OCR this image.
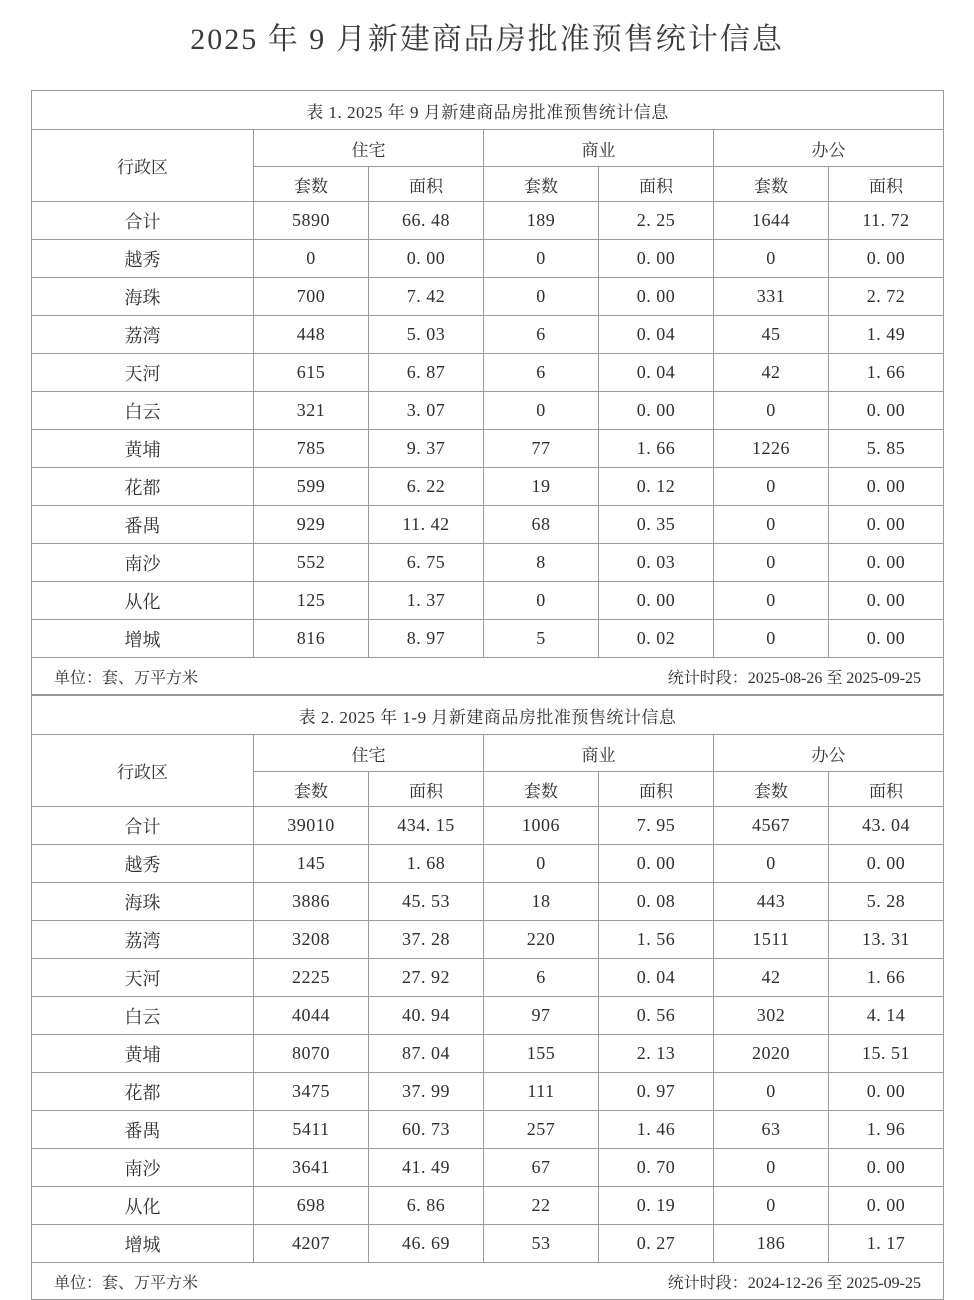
2025 年 9 月新建商品房批准预售统计信息
表 1. 2025 年 9 月新建商品房批准预售统计信息						
行政区	住宅		商业		办公	
	套数	面积	套数	面积	套数	面积
合计	5890	66. 48	189	2. 25	1644	11. 72
越秀	0	0. 00	0	0. 00	0	0. 00
海珠	700	7. 42	0	0. 00	331	2. 72
荔湾	448	5. 03	6	0. 04	45	1. 49
天河	615	6. 87	6	0. 04	42	1. 66
白云	321	3. 07	0	0. 00	0	0. 00
黄埔	785	9. 37	77	1. 66	1226	5. 85
花都	599	6. 22	19	0. 12	0	0. 00
番禺	929	11. 42	68	0. 35	0	0. 00
南沙	552	6. 75	8	0. 03	0	0. 00
从化	125	1. 37	0	0. 00	0	0. 00
增城	816	8. 97	5	0. 02	0	0. 00

单位：套、万平方米 统计时段：2025-08-26 至 2025-09-25						
表 2. 2025 年 1-9 月新建商品房批准预售统计信息						
行政区	住宅		商业		办公	
	套数	面积	套数	面积	套数	面积
合计	39010	434. 15	1006	7. 95	4567	43. 04
越秀	145	1. 68	0	0. 00	0	0. 00
海珠	3886	45. 53	18	0. 08	443	5. 28
荔湾	3208	37. 28	220	1. 56	1511	13. 31
天河	2225	27. 92	6	0. 04	42	1. 66
白云	4044	40. 94	97	0. 56	302	4. 14
黄埔	8070	87. 04	155	2. 13	2020	15. 51
花都	3475	37. 99	111	0. 97	0	0. 00
番禺	5411	60. 73	257	1. 46	63	1. 96
南沙	3641	41. 49	67	0. 70	0	0. 00
从化	698	6. 86	22	0. 19	0	0. 00
增城	4207	46. 69	53	0. 27	186	1. 17

单位：套、万平方米 统计时段：2024-12-26 至 2025-09-25						
